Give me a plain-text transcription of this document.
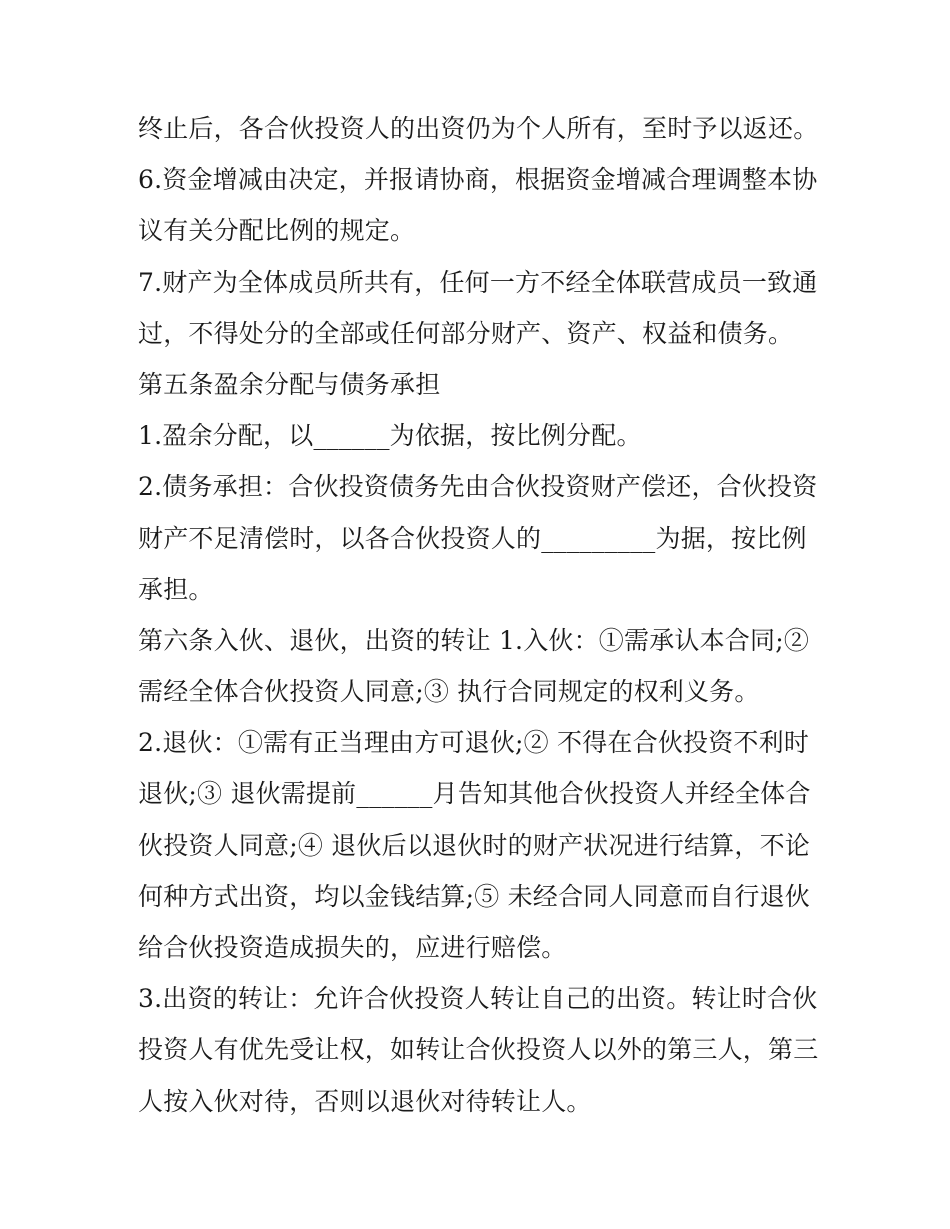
终止后，各合伙投资人的出资仍为个人所有，至时予以返还。
6.资金增减由决定，并报请协商，根据资金增减合理调整本协
议有关分配比例的规定。
7.财产为全体成员所共有，任何一方不经全体联营成员一致通
过，不得处分的全部或任何部分财产、资产、权益和债务。
第五条盈余分配与债务承担
1.盈余分配，以______为依据，按比例分配。
2.债务承担：合伙投资债务先由合伙投资财产偿还，合伙投资
财产不足清偿时，以各合伙投资人的_________为据，按比例
承担。
第六条入伙、退伙，出资的转让 1.入伙：①需承认本合同;②
需经全体合伙投资人同意;③ 执行合同规定的权利义务。
2.退伙：①需有正当理由方可退伙;② 不得在合伙投资不利时
退伙;③ 退伙需提前______月告知其他合伙投资人并经全体合
伙投资人同意;④ 退伙后以退伙时的财产状况进行结算，不论
何种方式出资，均以金钱结算;⑤ 未经合同人同意而自行退伙
给合伙投资造成损失的，应进行赔偿。
3.出资的转让：允许合伙投资人转让自己的出资。转让时合伙
投资人有优先受让权，如转让合伙投资人以外的第三人，第三
人按入伙对待，否则以退伙对待转让人。
